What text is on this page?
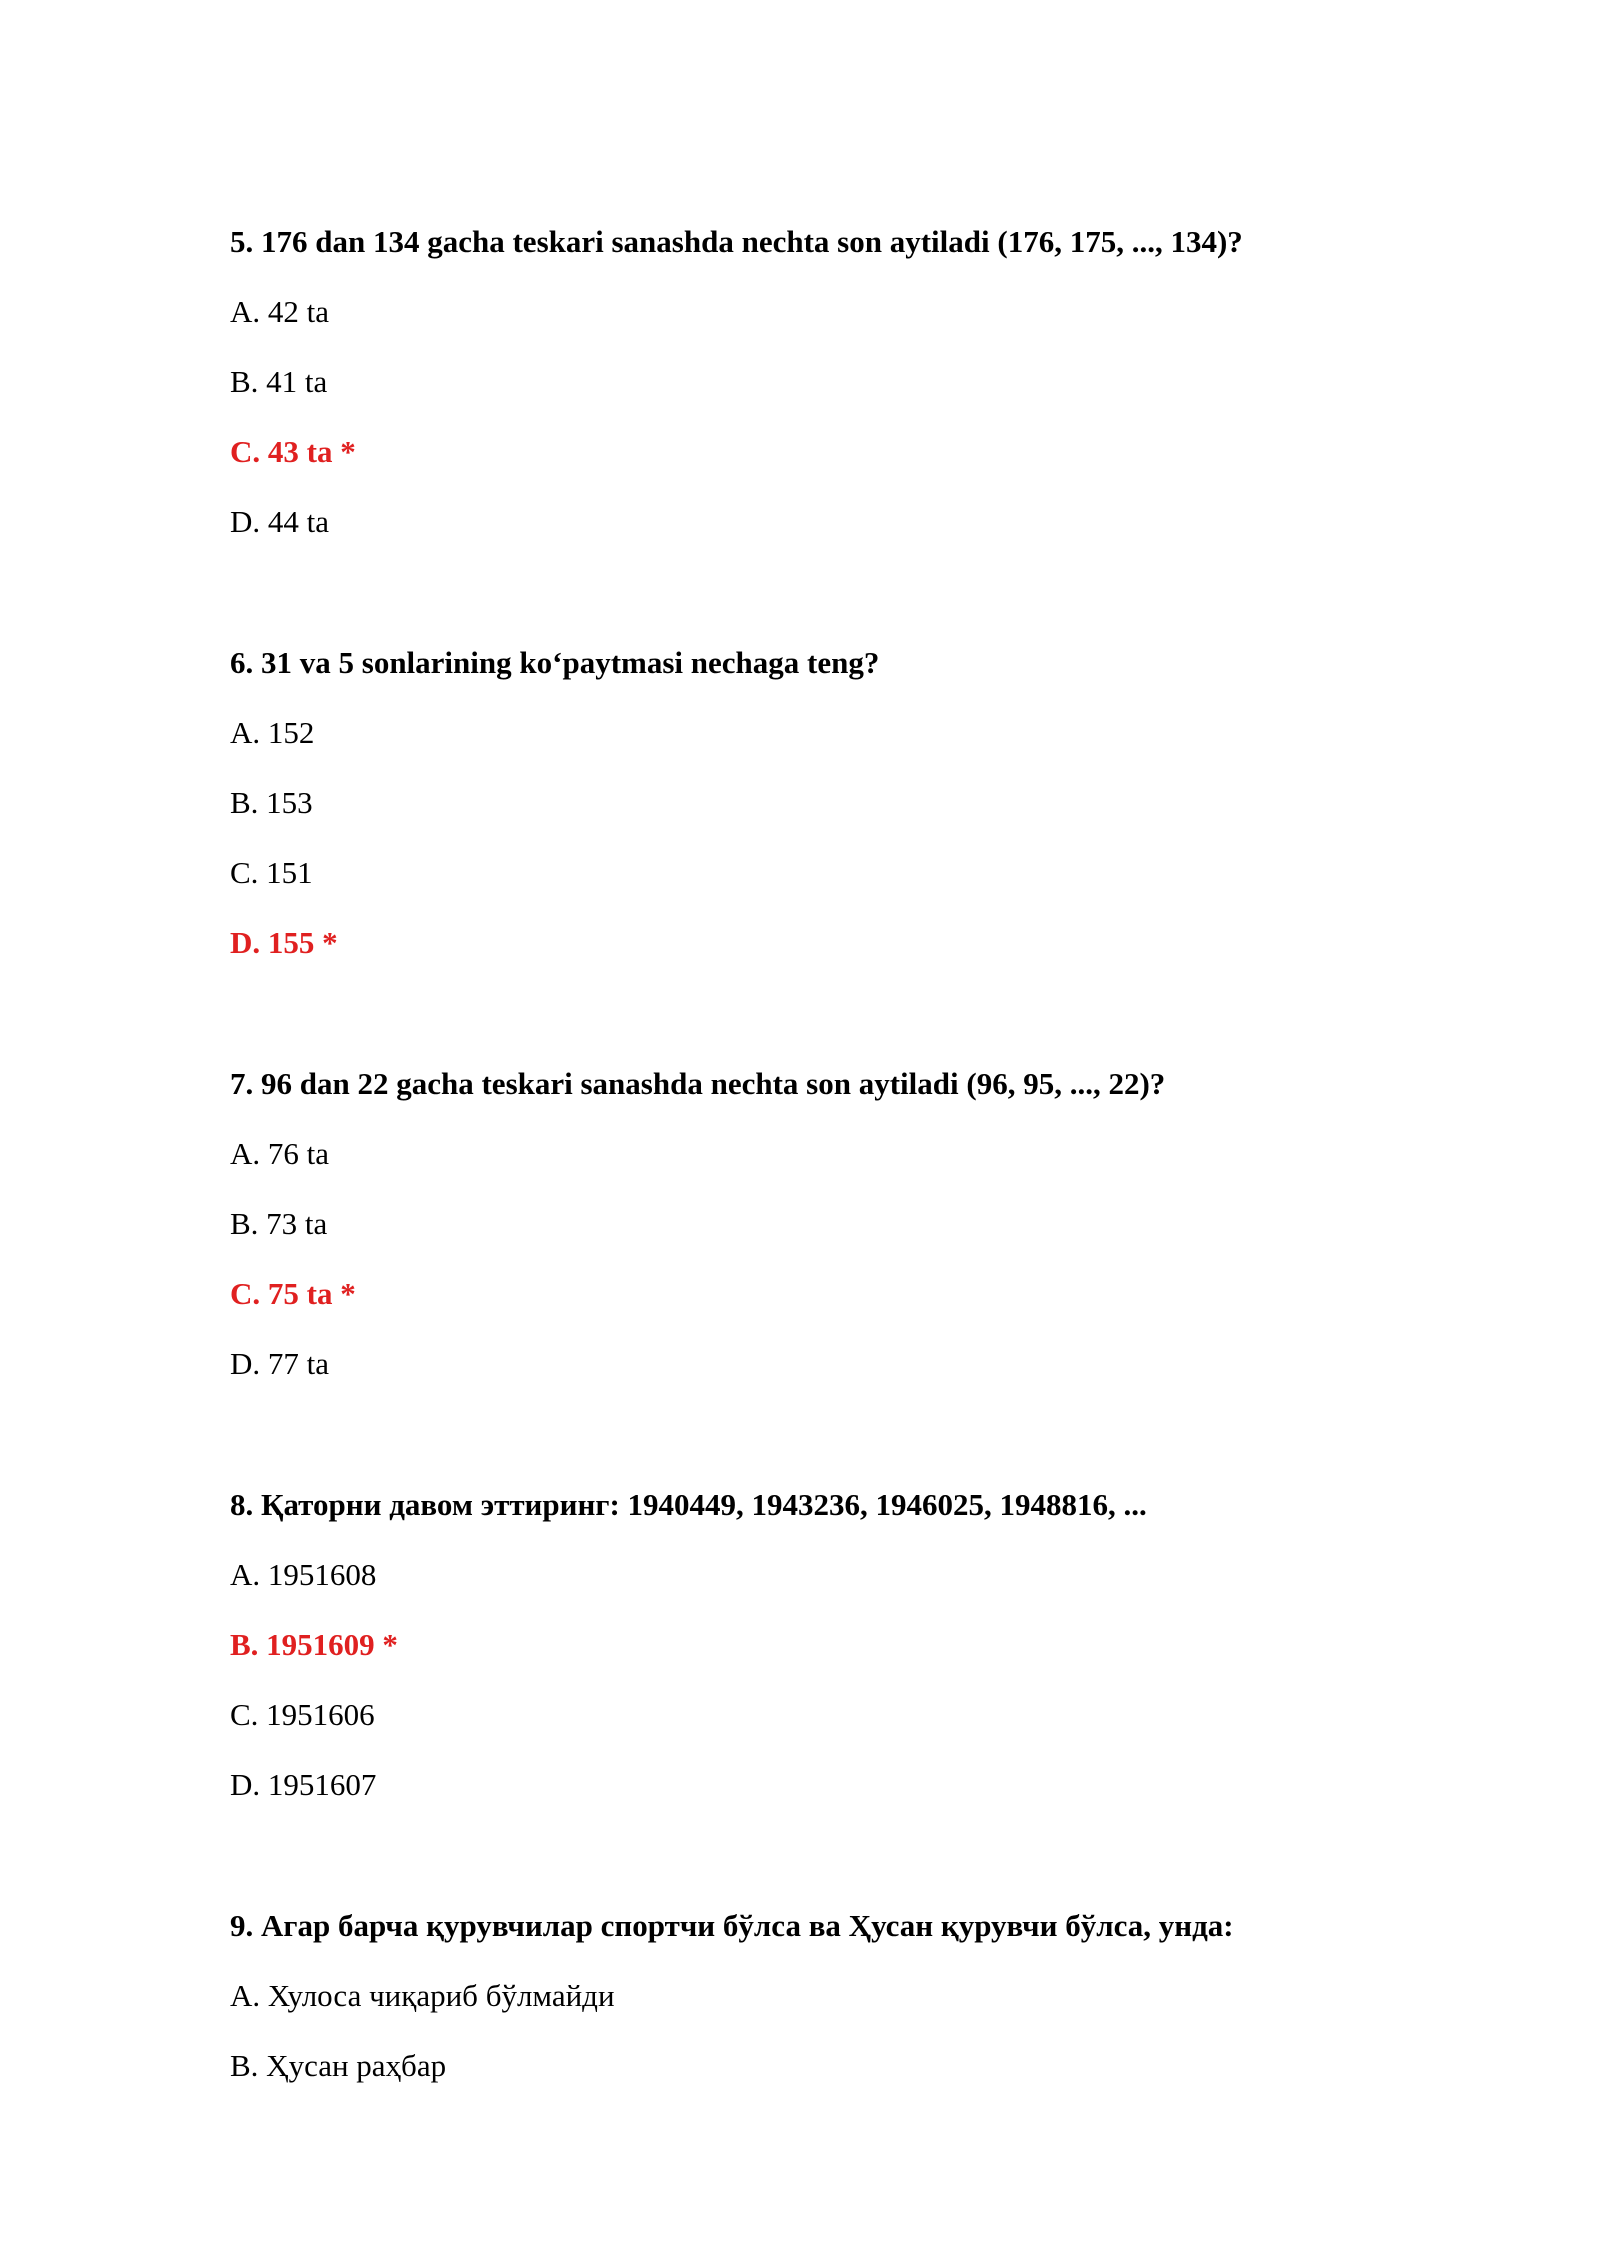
5. 176 dan 134 gacha teskari sanashda nechta son aytiladi (176, 175, ..., 134)?
A. 42 ta
B. 41 ta
C. 43 ta *
D. 44 ta
6. 31 va 5 sonlarining ko‘paytmasi nechaga teng?
A. 152
B. 153
C. 151
D. 155 *
7. 96 dan 22 gacha teskari sanashda nechta son aytiladi (96, 95, ..., 22)?
A. 76 ta
B. 73 ta
C. 75 ta *
D. 77 ta
8. Қаторни давом эттиринг: 1940449, 1943236, 1946025, 1948816, ...
A. 1951608
B. 1951609 *
C. 1951606
D. 1951607
9. Агар барча қурувчилар спортчи бўлса ва Ҳусан қурувчи бўлса, унда:
A. Хулоса чиқариб бўлмайди
B. Ҳусан раҳбар
